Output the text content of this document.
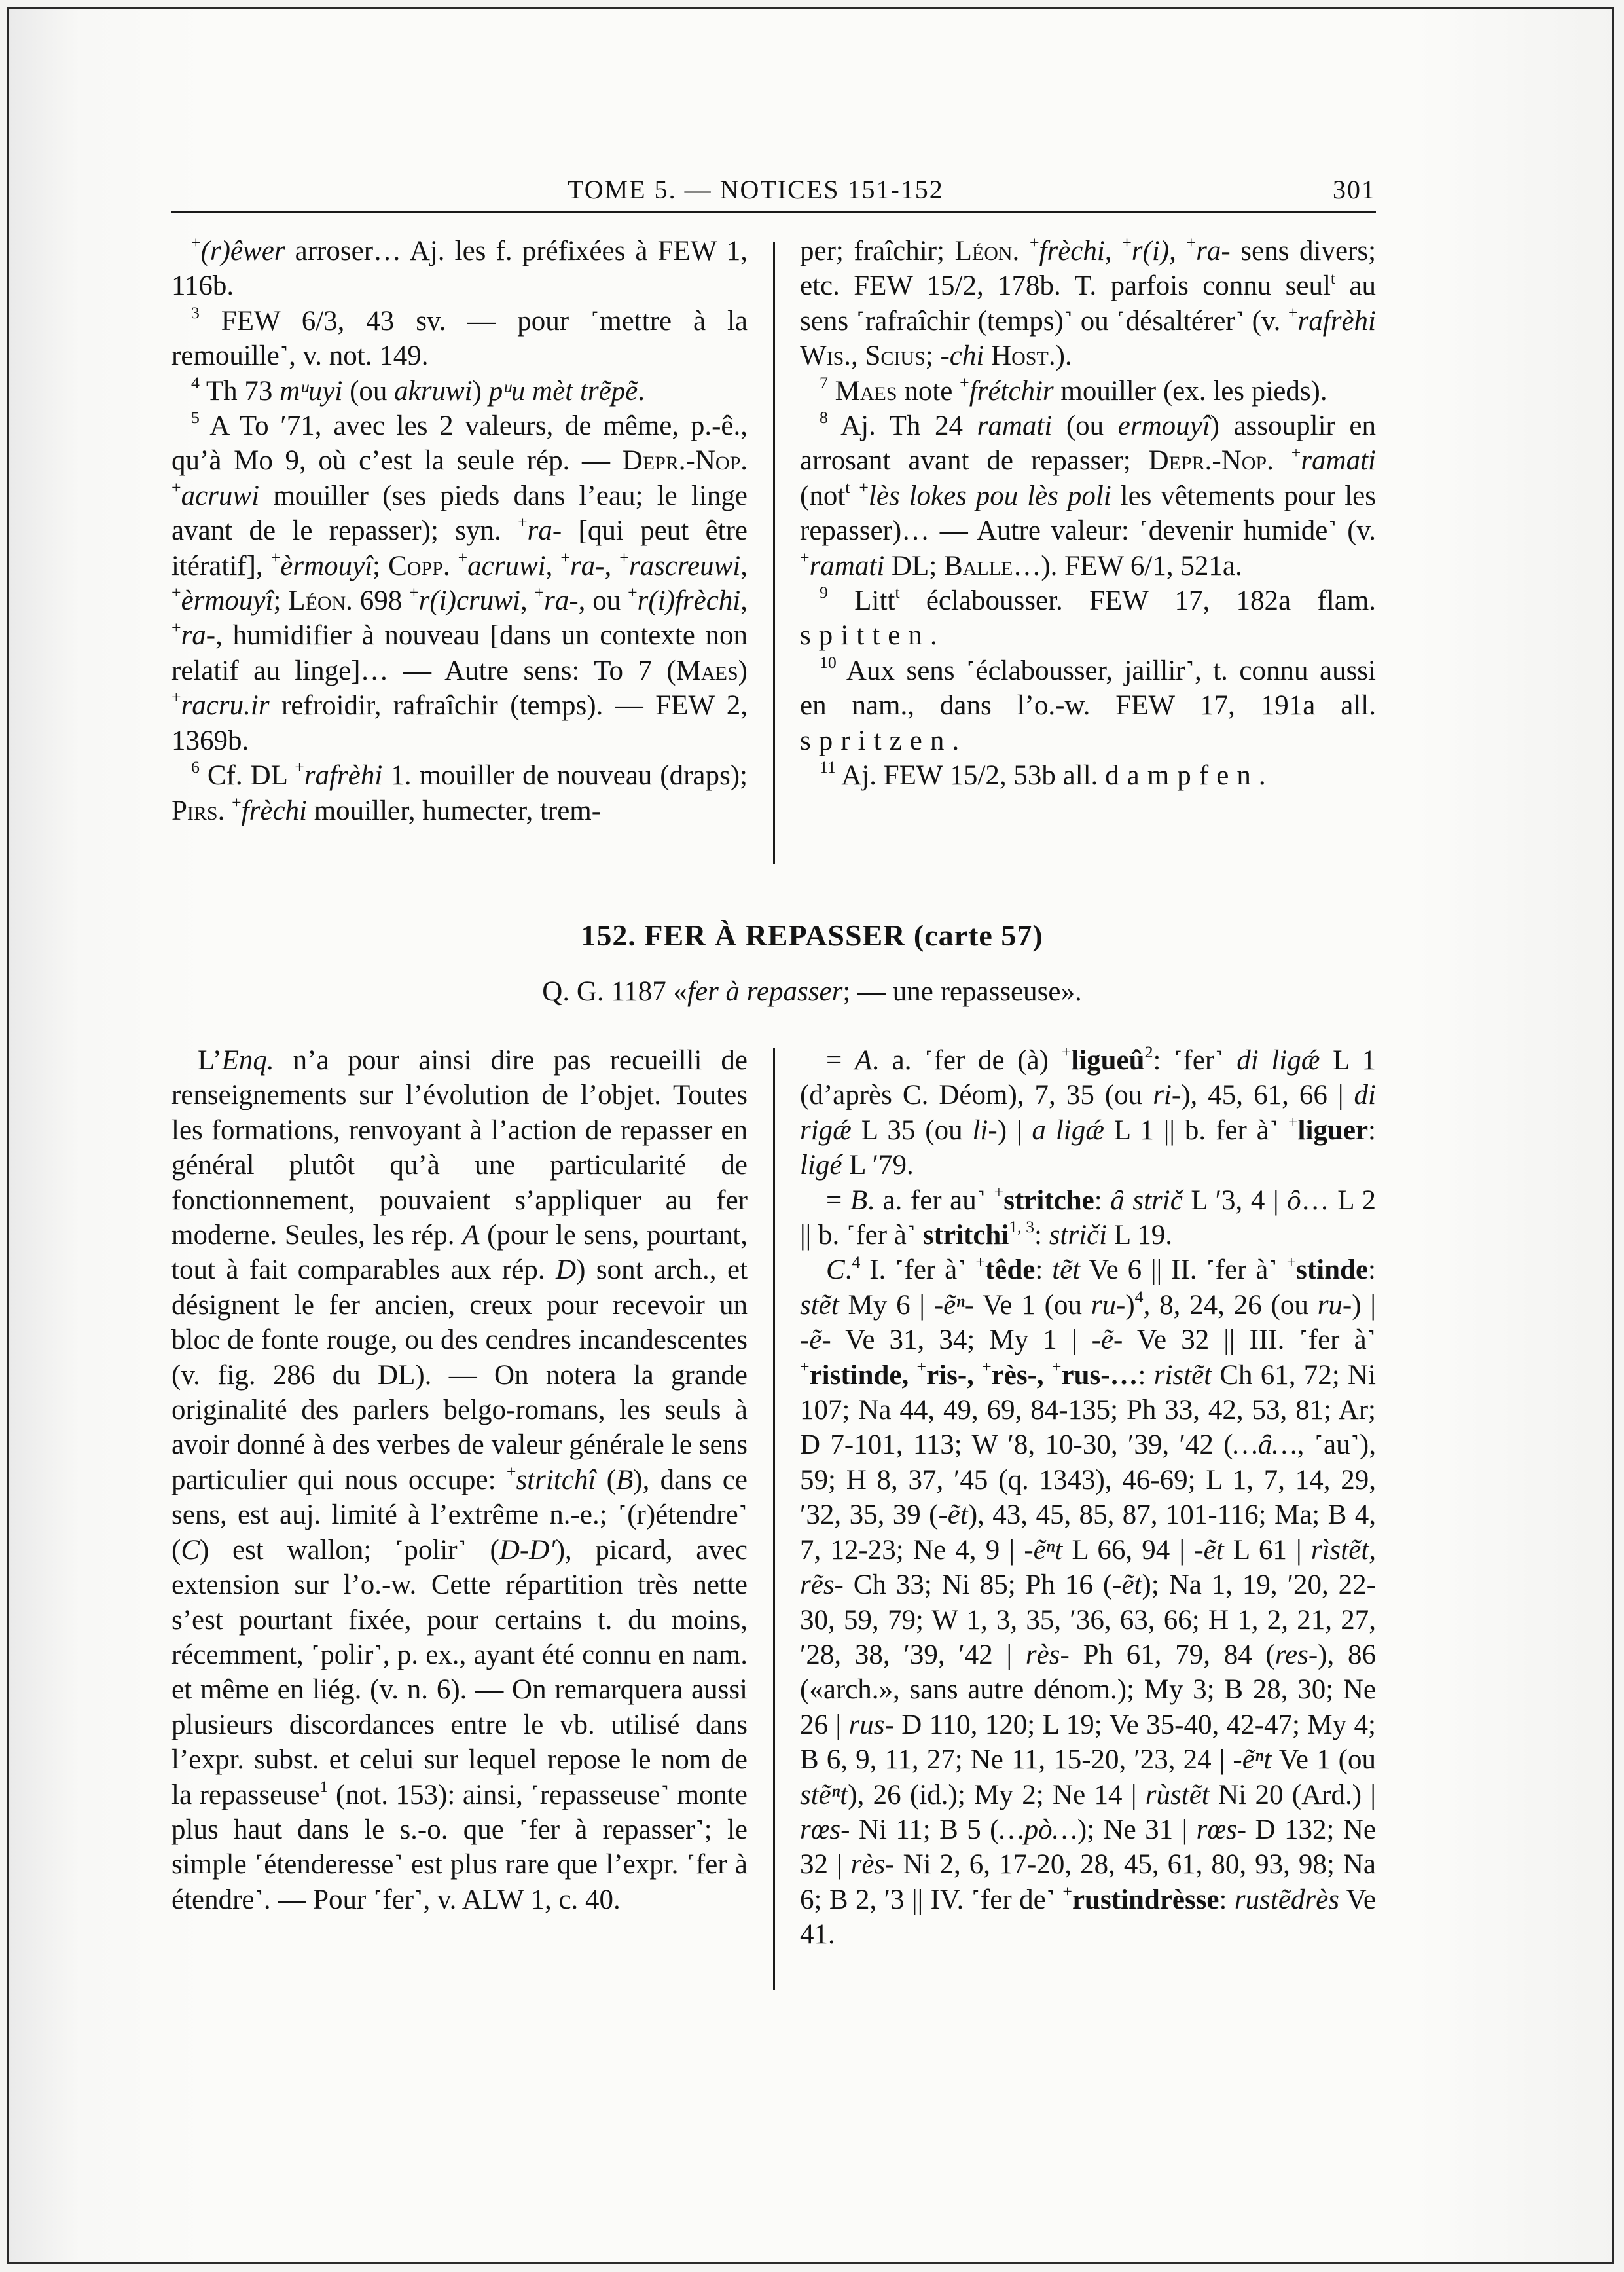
TOME 5. — NOTICES 151-152	301

+(r)êwer arroser… Aj. les f. préfixées à FEW 1, 116b.

$^3$ FEW 6/3, 43 sv. — pour ˹mettre à la remouille˺, v. not. 149.

$^4$ Th 73 mᵘuyi (ou akruwi) pᵘu mèt trẽpẽ.

$^5$ A To ′71, avec les 2 valeurs, de même, p.-ê., qu’à Mo 9, où c’est la seule rép. — Depr.-Nop. +acruwi mouiller (ses pieds dans l’eau; le linge avant de le repasser); syn. +ra- [qui peut être itératif], +èrmouyî; Copp. +acruwi, +ra-, +rascreuwi, +èrmouyî; Léon. 698 +r(i)cruwi, +ra-, ou +r(i)frèchi, +ra-, humidifier à nouveau [dans un contexte non relatif au linge]… — Autre sens: To 7 (Maes) +racru.ir refroidir, rafraîchir (temps). — FEW 2, 1369b.

$^6$ Cf. DL +rafrèhi 1. mouiller de nouveau (draps); Pirs. +frèchi mouiller, humecter, trem-

per; fraîchir; Léon. +frèchi, +r(i), +ra- sens divers; etc. FEW 15/2, 178b. T. parfois connu seul$^t$ au sens ˹rafraîchir (temps)˺ ou ˹désaltérer˺ (v. +rafrèhi Wis., Scius; -chi Host.).

$^7$ Maes note +frétchir mouiller (ex. les pieds).

$^8$ Aj. Th 24 ramati (ou ermouyî) assouplir en arrosant avant de repasser; Depr.-Nop. +ramati (not$^t$ +lès lokes pou lès poli les vêtements pour les repasser)… — Autre valeur: ˹devenir humide˺ (v. +ramati DL; Balle…). FEW 6/1, 521a.

$^9$ Litt$^t$ éclabousser. FEW 17, 182a flam. spitten.

$^{10}$ Aux sens ˹éclabousser, jaillir˺, t. connu aussi en nam., dans l’o.-w. FEW 17, 191a all. spritzen.

$^{11}$ Aj. FEW 15/2, 53b all. dampfen.

152. FER À REPASSER (carte 57)
Q. G. 1187 «fer à repasser; — une repasseuse».

L’Enq. n’a pour ainsi dire pas recueilli de renseignements sur l’évolution de l’objet. Toutes les formations, renvoyant à l’action de repasser en général plutôt qu’à une particularité de fonctionnement, pouvaient s’appliquer au fer moderne. Seules, les rép. A (pour le sens, pourtant, tout à fait comparables aux rép. D) sont arch., et désignent le fer ancien, creux pour recevoir un bloc de fonte rouge, ou des cendres incandescentes (v. fig. 286 du DL). — On notera la grande originalité des parlers belgo-romans, les seuls à avoir donné à des verbes de valeur générale le sens particulier qui nous occupe: +stritchî (B), dans ce sens, est auj. limité à l’extrême n.-e.; ˹(r)étendre˺ (C) est wallon; ˹polir˺ (D-D′), picard, avec extension sur l’o.-w. Cette répartition très nette s’est pourtant fixée, pour certains t. du moins, récemment, ˹polir˺, p. ex., ayant été connu en nam. et même en liég. (v. n. 6). — On remarquera aussi plusieurs discordances entre le vb. utilisé dans l’expr. subst. et celui sur lequel repose le nom de la repasseuse$^1$ (not. 153): ainsi, ˹repasseuse˺ monte plus haut dans le s.-o. que ˹fer à repasser˺; le simple ˹étenderesse˺ est plus rare que l’expr. ˹fer à étendre˺. — Pour ˹fer˺, v. ALW 1, c. 40.

= A. a. ˹fer de (à) +ligueû$^2$: ˹fer˺ di ligǽ L 1 (d’après C. Déom), 7, 35 (ou ri-), 45, 61, 66 | di rigǽ L 35 (ou li-) | a ligǽ L 1 || b. fer à˺ +liguer: ligé L ′79.

= B. a. fer au˺ +stritche: ȃ strič L ′3, 4 | ȏ… L 2 || b. ˹fer à˺ stritchi$^{1, 3}$: striči L 19.

C.$^4$ I. ˹fer à˺ +têde: tẽt Ve 6 || II. ˹fer à˺ +stinde: stẽt My 6 | -ẽⁿ- Ve 1 (ou ru-)$^4$, 8, 24, 26 (ou ru-) | -ẽ- Ve 31, 34; My 1 | -ẽ- Ve 32 || III. ˹fer à˺ +ristinde, +ris-, +rès-, +rus-…: ristẽt Ch 61, 72; Ni 107; Na 44, 49, 69, 84-135; Ph 33, 42, 53, 81; Ar; D 7-101, 113; W ′8, 10-30, ′39, ′42 (…ȃ…, ˹au˺), 59; H 8, 37, ′45 (q. 1343), 46-69; L 1, 7, 14, 29, ′32, 35, 39 (-ẽt), 43, 45, 85, 87, 101-116; Ma; B 4, 7, 12-23; Ne 4, 9 | -ẽⁿt L 66, 94 | -ẽt L 61 | rìstẽt, rẽs- Ch 33; Ni 85; Ph 16 (-ẽt); Na 1, 19, ′20, 22-30, 59, 79; W 1, 3, 35, ′36, 63, 66; H 1, 2, 21, 27, ′28, 38, ′39, ′42 | rès- Ph 61, 79, 84 (res-), 86 («arch.», sans autre dénom.); My 3; B 28, 30; Ne 26 | rus- D 110, 120; L 19; Ve 35-40, 42-47; My 4; B 6, 9, 11, 27; Ne 11, 15-20, ′23, 24 | -ẽⁿt Ve 1 (ou stẽⁿt), 26 (id.); My 2; Ne 14 | rùstẽt Ni 20 (Ard.) | rœs- Ni 11; B 5 (…pò…); Ne 31 | rœs- D 132; Ne 32 | rès- Ni 2, 6, 17-20, 28, 45, 61, 80, 93, 98; Na 6; B 2, ′3 || IV. ˹fer de˺ +rustindrèsse: rustẽdrès Ve 41.
